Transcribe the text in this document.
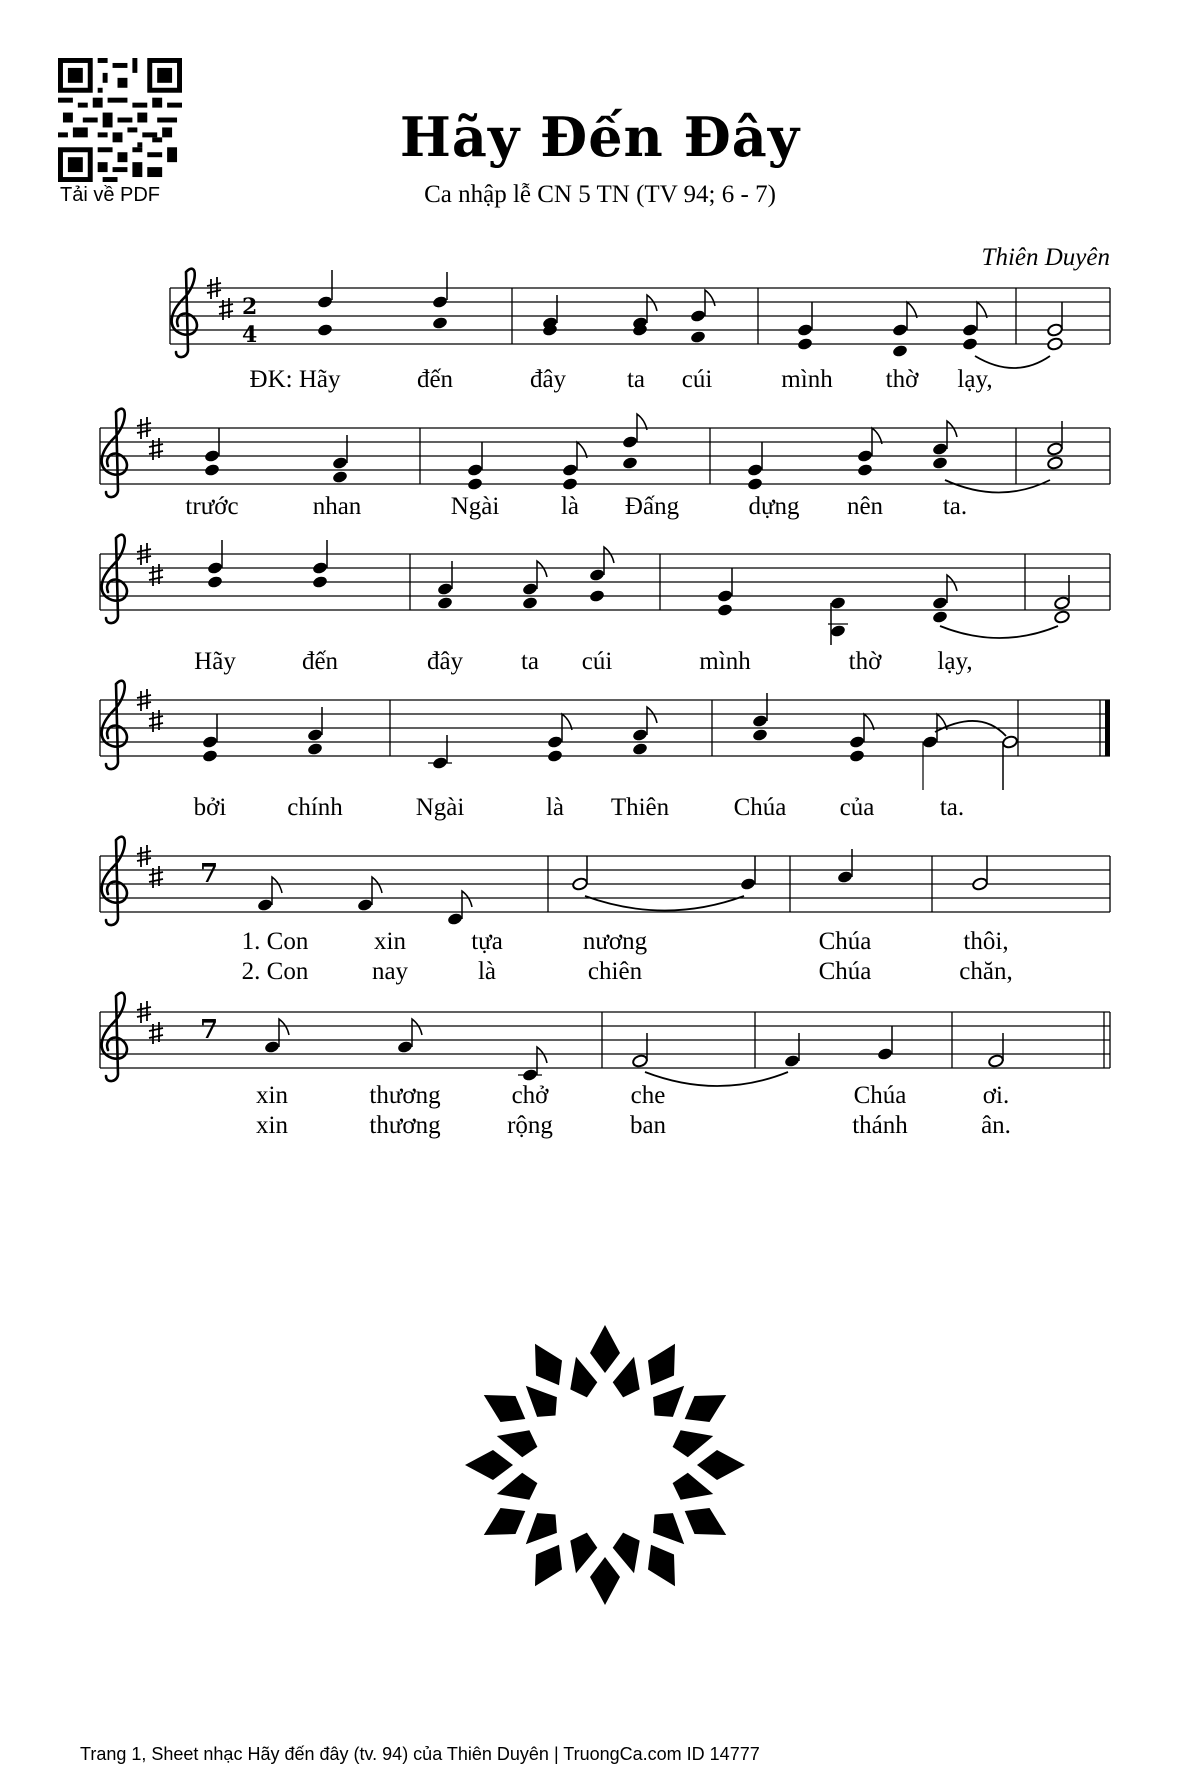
Tải về PDF
Hãy Đến Đây
Ca nhập lễ CN 5 TN (TV 94; 6 - 7)
Thiên Duyên
2
4
7
7
ĐK: Hãy	đến	đây ta cúi	mình thờ lạy,
trước	nhan	Ngài là Đấng	dựng nên ta.
Hãy	đến	đây ta cúi	mình	thờ lạy,
bởi chính	Ngài	là Thiên	Chúa của	ta.
1. Con	xin	tựa	nương	Chúa	thôi,
2. Con	nay	là	chiên	Chúa	chăn,
xin	thương	chở	che	Chúa	ơi.
xin	thương	rộng	ban	thánh	ân.
Trang 1, Sheet nhạc Hãy đến đây (tv. 94) của Thiên Duyên | TruongCa.com ID 14777
